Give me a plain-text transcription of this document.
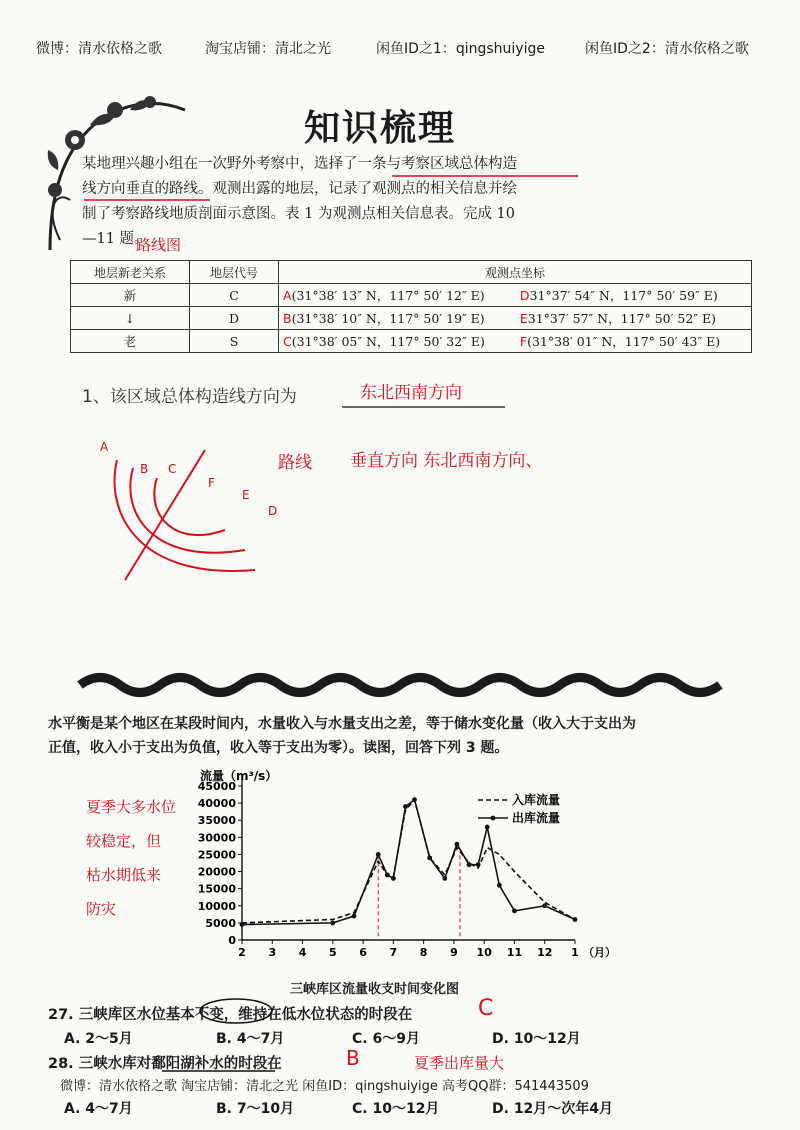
微博：清水依格之歌	淘宝店铺：清北之光	闲鱼ID之1：qingshuiyige	闲鱼ID之2：清水依格之歌
知识梳理
某地理兴趣小组在一次野外考察中，选择了一条与考察区域总体构造
线方向垂直的路线。观测出露的地层，记录了观测点的相关信息并绘
制了考察路线地质剖面示意图。表 1 为观测点相关信息表。完成 10
—11 题。
路线图
地层新老关系	地层代号	观测点坐标	
新	C	A(31°38′ 13″ N，117° 50′ 12″ E)	D31°37′ 54″ N，117° 50′ 59″ E)
↓	D	B(31°38′ 10″ N，117° 50′ 19″ E)	E31°37′ 57″ N，117° 50′ 52″ E)
老	S	C(31°38′ 05″ N，117° 50′ 32″ E)	F(31°38′ 01″ N，117° 50′ 43″ E)
1、该区域总体构造线方向为	东北西南方向
A
B C
F
E
D
路线 垂直方向 东北西南方向、
水平衡是某个地区在某段时间内，水量收入与水量支出之差，等于储水变化量（收入大于支出为
正值，收入小于支出为负值，收入等于支出为零）。读图，回答下列 3 题。
流量（m³/s）
0
5000
10000
15000
20000
25000
30000
35000
40000
45000
2 3 4 5 6 7 8 9 10 11 12 1 （月）
入库流量
出库流量
三峡库区流量收支时间变化图
夏季大多水位
较稳定，但
枯水期低来
防灾
27. 三峡库区水位基本不变，维持在低水位状态的时段在	C
A. 2～5月	B. 4～7月	C. 6～9月	D. 10～12月
28. 三峡水库对鄱阳湖补水的时段在	B	夏季出库量大
A. 4～7月	B. 7～10月	C. 10～12月	D. 12月～次年4月
微博：清水依格之歌 淘宝店铺：清北之光 闲鱼ID：qingshuiyige 高考QQ群：541443509
